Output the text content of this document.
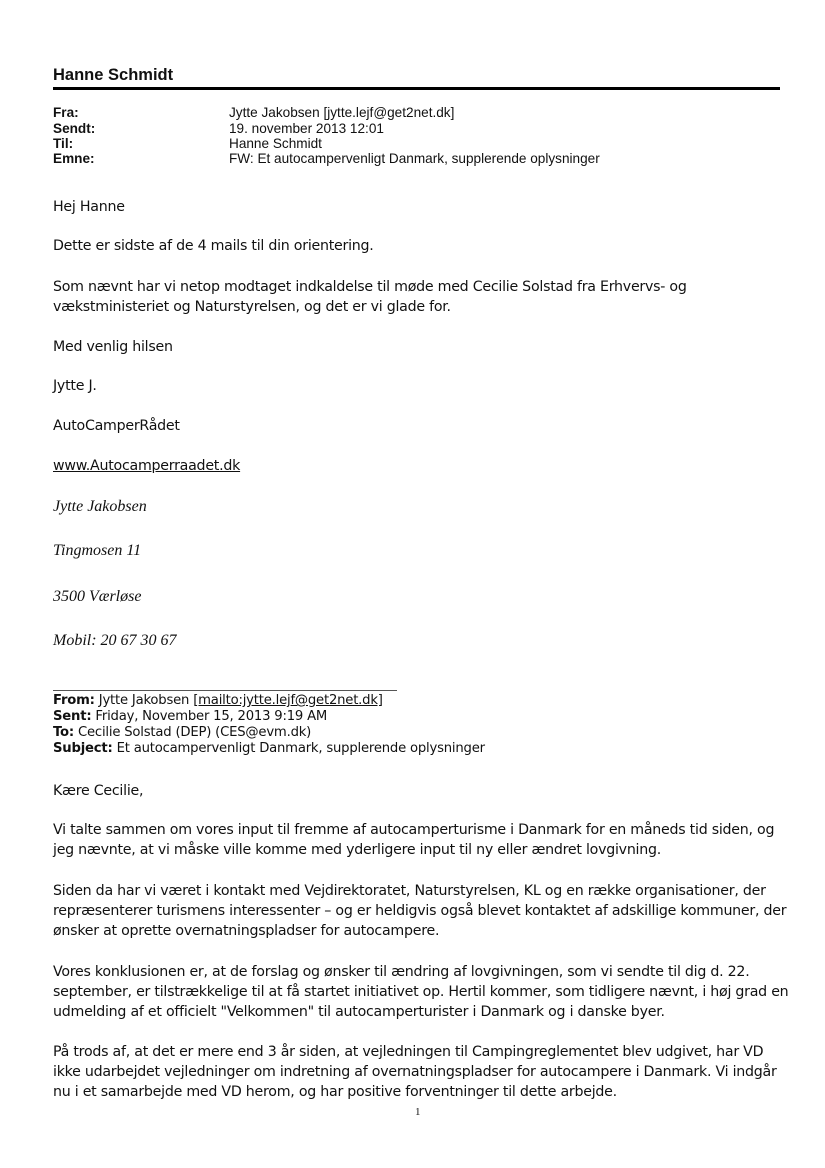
Hanne Schmidt
Fra:	Jytte Jakobsen [jytte.lejf@get2net.dk]
Sendt:	19. november 2013 12:01
Til:	Hanne Schmidt
Emne:	FW: Et autocampervenligt Danmark, supplerende oplysninger
Hej Hanne
Dette er sidste af de 4 mails til din orientering.
Som nævnt har vi netop modtaget indkaldelse til møde med Cecilie Solstad fra Erhvervs- og
vækstministeriet og Naturstyrelsen, og det er vi glade for.
Med venlig hilsen
Jytte J.
AutoCamperRådet
www.Autocamperraadet.dk
Jytte Jakobsen
Tingmosen 11
3500 Værløse
Mobil: 20 67 30 67
From: Jytte Jakobsen [mailto:jytte.lejf@get2net.dk]
Sent: Friday, November 15, 2013 9:19 AM
To: Cecilie Solstad (DEP) (CES@evm.dk)
Subject: Et autocampervenligt Danmark, supplerende oplysninger
Kære Cecilie,
Vi talte sammen om vores input til fremme af autocamperturisme i Danmark for en måneds tid siden, og
jeg nævnte, at vi måske ville komme med yderligere input til ny eller ændret lovgivning.
Siden da har vi været i kontakt med Vejdirektoratet, Naturstyrelsen, KL og en række organisationer, der
repræsenterer turismens interessenter – og er heldigvis også blevet kontaktet af adskillige kommuner, der
ønsker at oprette overnatningspladser for autocampere.
Vores konklusionen er, at de forslag og ønsker til ændring af lovgivningen, som vi sendte til dig d. 22.
september, er tilstrækkelige til at få startet initiativet op. Hertil kommer, som tidligere nævnt, i høj grad en
udmelding af et officielt "Velkommen" til autocamperturister i Danmark og i danske byer.
På trods af, at det er mere end 3 år siden, at vejledningen til Campingreglementet blev udgivet, har VD
ikke udarbejdet vejledninger om indretning af overnatningspladser for autocampere i Danmark. Vi indgår
nu i et samarbejde med VD herom, og har positive forventninger til dette arbejde.
1
